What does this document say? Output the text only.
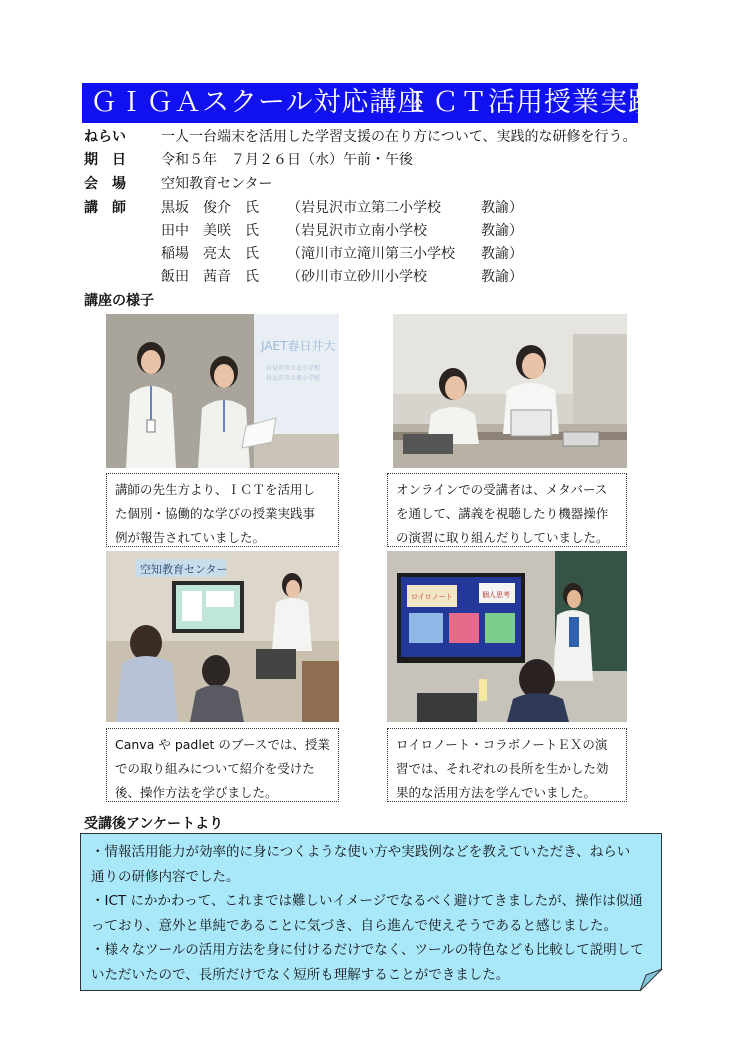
ＧＩＧＡスクール対応講座
ＩＣＴ活用授業実践②
ねらい	一人一台端末を活用した学習支援の在り方について、実践的な研修を行う。
期　日	令和５年　７月２６日（水）午前・午後
会　場	空知教育センター
講　師	黒坂　俊介　氏 （岩見沢市立第二小学校	教諭）
田中　美咲　氏 （岩見沢市立南小学校	教諭）
稲場　亮太　氏 （滝川市立滝川第三小学校 教諭）
飯田　茜音　氏 （砂川市立砂川小学校	教諭）
講座の様子
JAET春日井大
岩見沢市立北小学校
岩見沢市立南小学校
講師の先生方より、ＩＣＴを活用し
た個別・協働的な学びの授業実践事
例が報告されていました。
オンラインでの受講者は、メタバース
を通して、講義を視聴したり機器操作
の演習に取り組んだりしていました。
空知教育センター
ロイロノート	個人思考
Canva や padlet のブースでは、授業
での取り組みについて紹介を受けた
後、操作方法を学びました。
ロイロノート・コラボノートＥＸの演
習では、それぞれの長所を生かした効
果的な活用方法を学んでいました。
受講後アンケートより

・情報活用能力が効率的に身につくような使い方や実践例などを教えていただき、ねらい

通りの研修内容でした。

・ICT にかかわって、これまでは難しいイメージでなるべく避けてきましたが、操作は似通

っており、意外と単純であることに気づき、自ら進んで使えそうであると感じました。

・様々なツールの活用方法を身に付けるだけでなく、ツールの特色なども比較して説明して

いただいたので、長所だけでなく短所も理解することができました。
